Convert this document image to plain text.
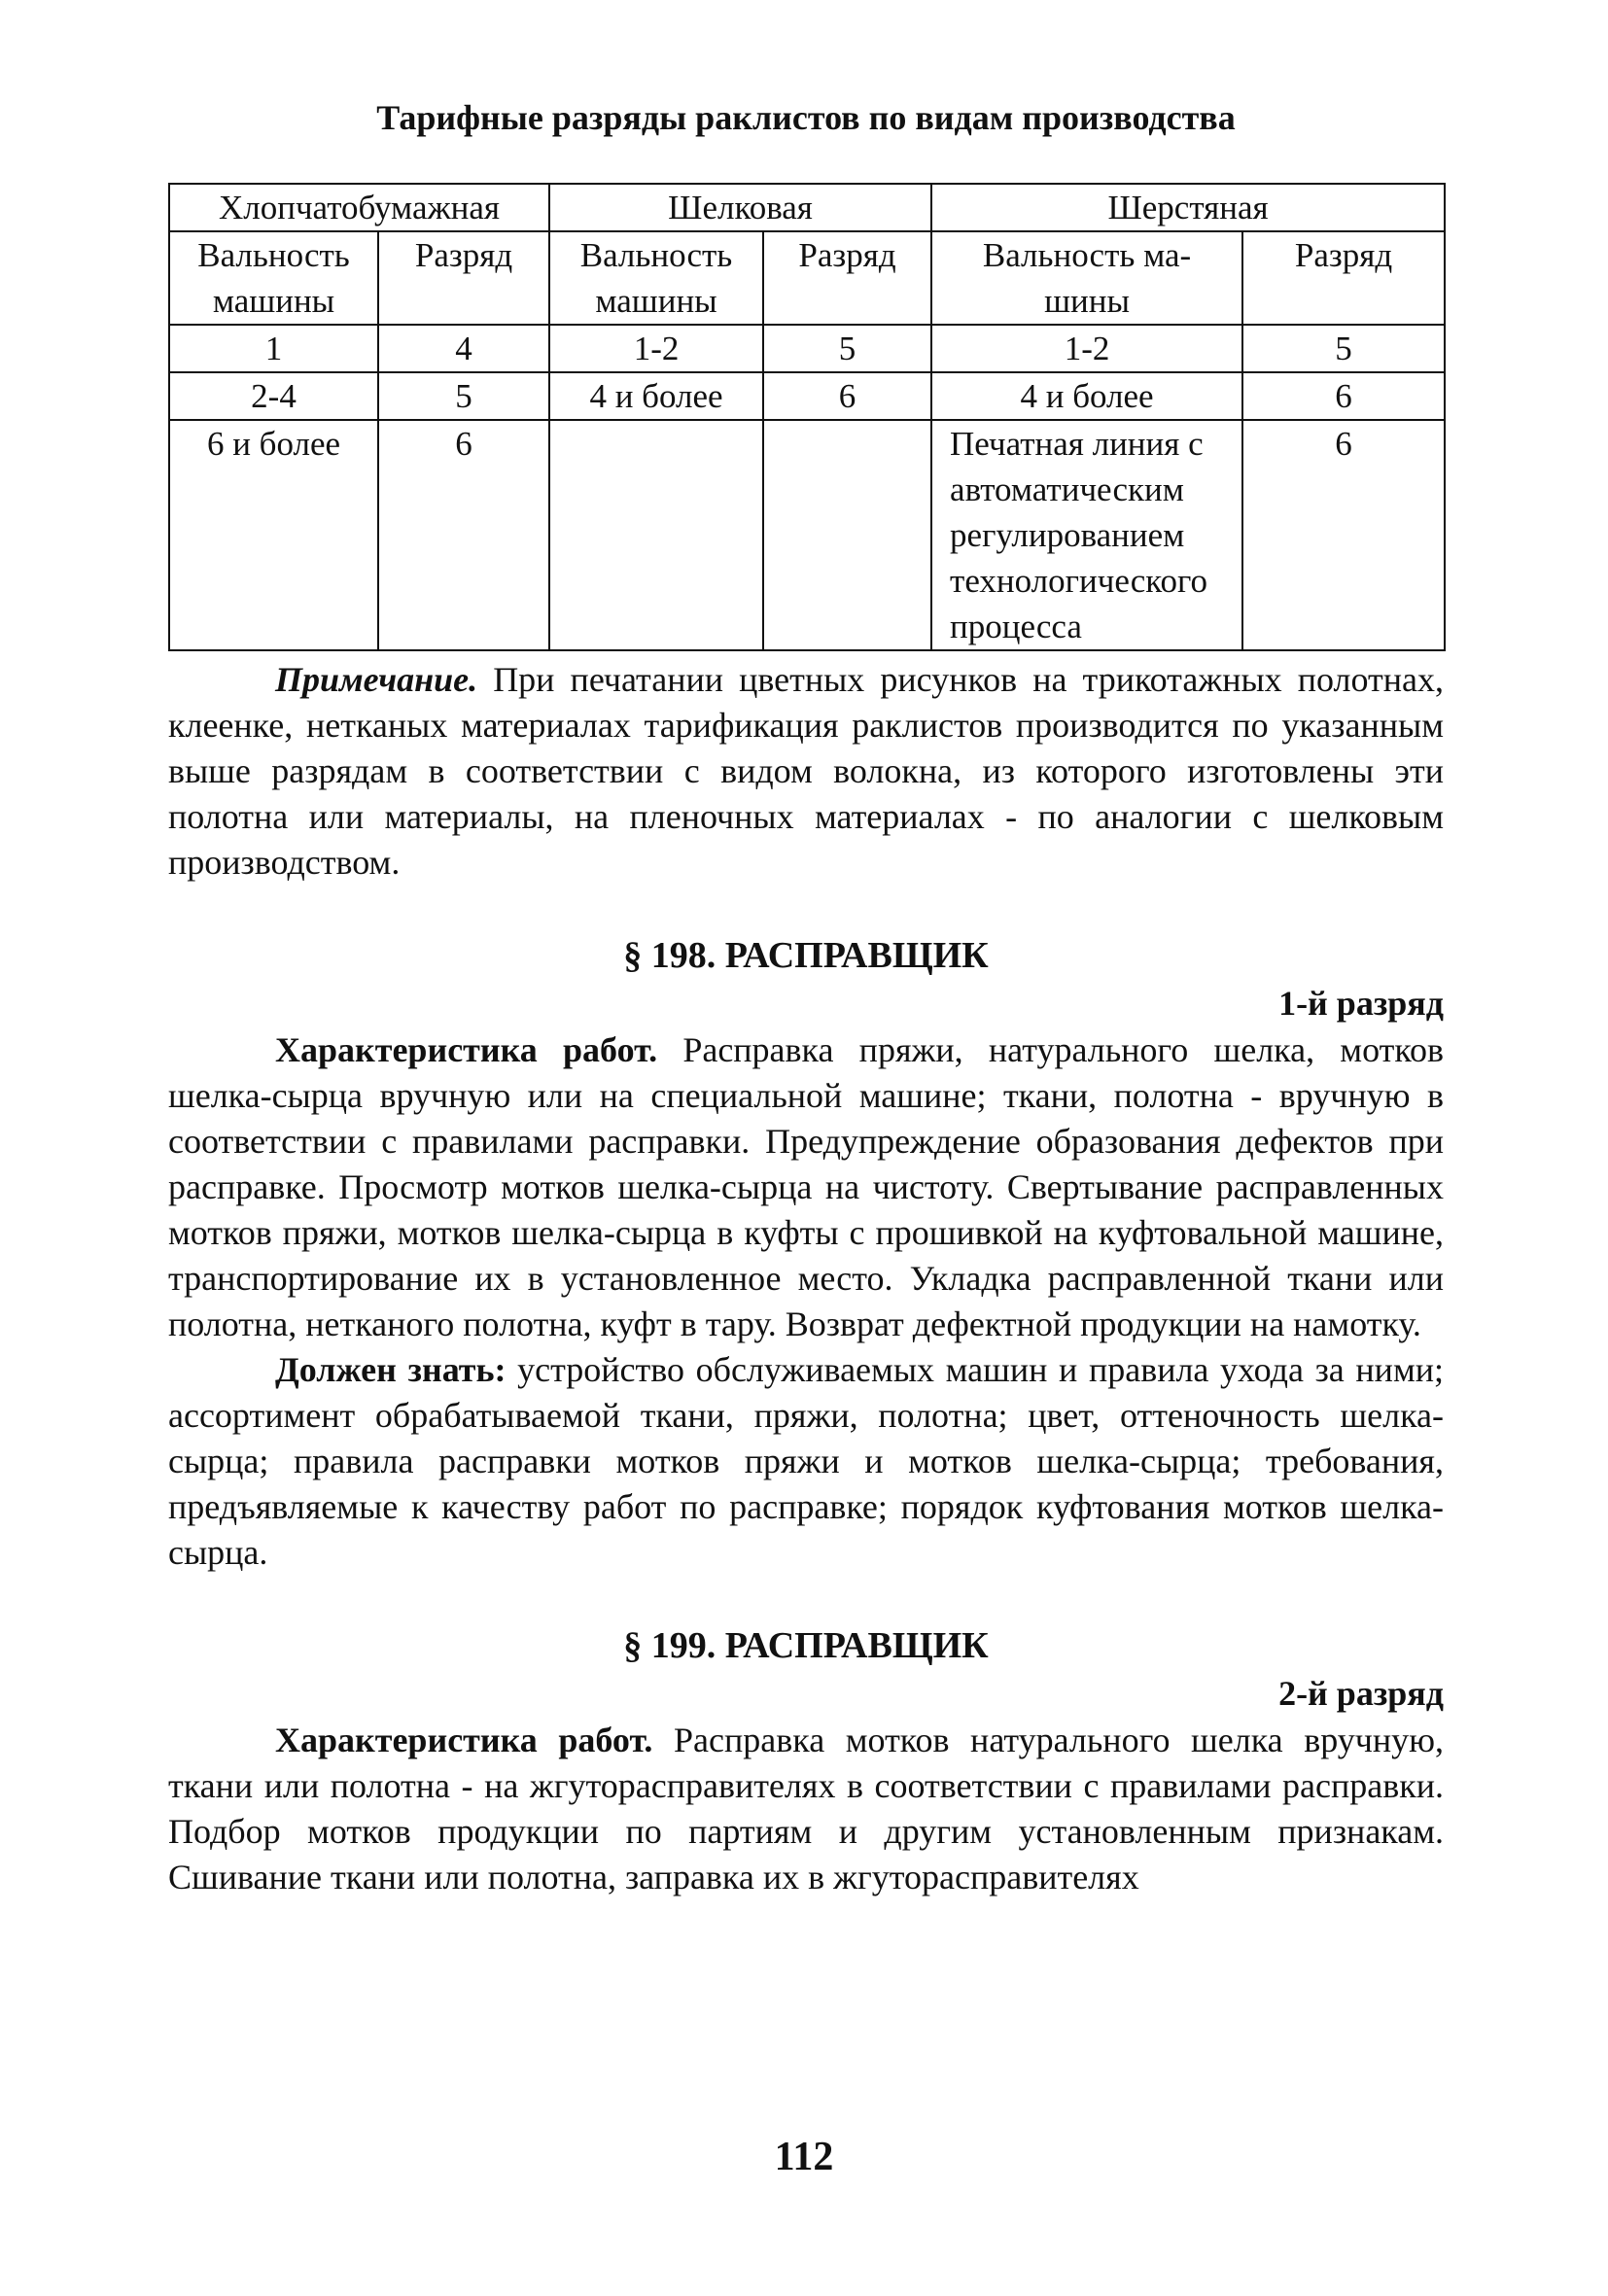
Тарифные разряды раклистов по видам производства
Хлопчатобумажная		Шелковая		Шерстяная	
Вальность машины	Разряд	Вальность машины	Разряд	Вальность ма-шины	Разряд
1	4	1-2	5	1-2	5
2-4	5	4 и более	6	4 и более	6
6 и более	6			Печатная линия с автоматическим регулированием технологического процесса	6

Примечание. При печатании цветных рисунков на трикотажных полотнах, клеенке, нетканых материалах тарификация раклистов производится по указанным выше разрядам в соответствии с видом волокна, из которого изготовлены эти полотна или материалы, на пленочных материалах - по аналогии с шелковым производством.

§ 198. РАСПРАВЩИК
1-й разряд

Характеристика работ. Расправка пряжи, натурального шелка, мотков шелка-сырца вручную или на специальной машине; ткани, полотна - вручную в соответствии с правилами расправки. Предупреждение образования дефектов при расправке. Просмотр мотков шелка-сырца на чистоту. Свертывание расправленных мотков пряжи, мотков шелка-сырца в куфты с прошивкой на куфтовальной машине, транспортирование их в установленное место. Укладка расправленной ткани или полотна, нетканого полотна, куфт в тару. Возврат дефектной продукции на намотку.

Должен знать: устройство обслуживаемых машин и правила ухода за ними; ассортимент обрабатываемой ткани, пряжи, полотна; цвет, оттеночность шелка-сырца; правила расправки мотков пряжи и мотков шелка-сырца; требования, предъявляемые к качеству работ по расправке; порядок куфтования мотков шелка-сырца.

§ 199. РАСПРАВЩИК
2-й разряд

Характеристика работ. Расправка мотков натурального шелка вручную, ткани или полотна - на жгуторасправителях в соответствии с правилами расправки. Подбор мотков продукции по партиям и другим установленным признакам. Сшивание ткани или полотна, заправка их в жгуторасправителях

112
